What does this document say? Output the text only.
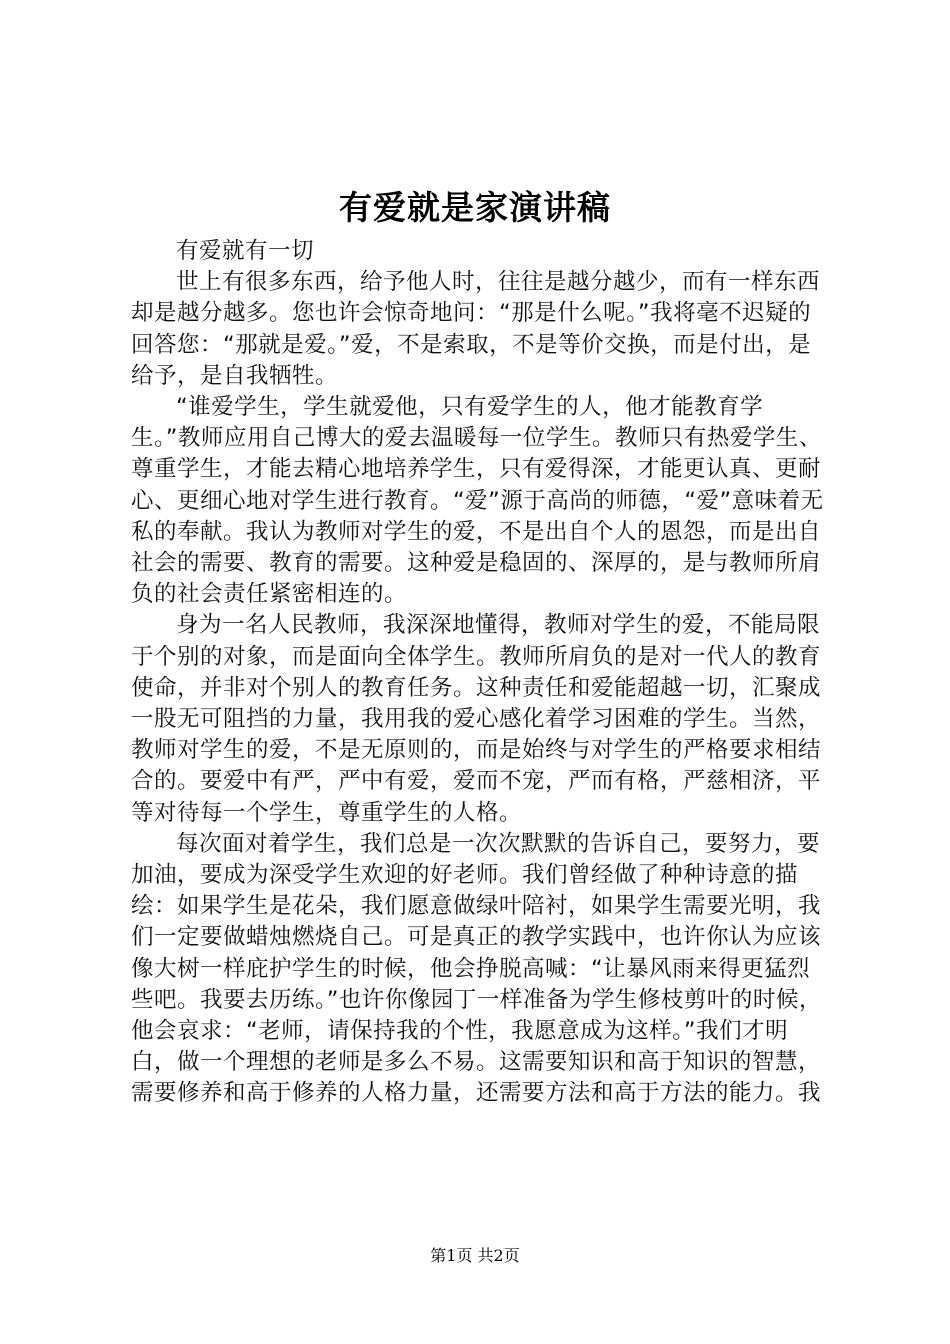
有爱就是家演讲稿

有爱就有一切

世上有很多东西，给予他人时，往往是越分越少，而有一样东西却是越分越多。您也许会惊奇地问：“那是什么呢。”我将毫不迟疑的回答您：“那就是爱。”爱，不是索取，不是等价交换，而是付出，是给予，是自我牺牲。

“谁爱学生，学生就爱他，只有爱学生的人，他才能教育学生。”教师应用自己博大的爱去温暖每一位学生。教师只有热爱学生、尊重学生，才能去精心地培养学生，只有爱得深，才能更认真、更耐心、更细心地对学生进行教育。“爱”源于高尚的师德，“爱”意味着无私的奉献。我认为教师对学生的爱，不是出自个人的恩怨，而是出自社会的需要、教育的需要。这种爱是稳固的、深厚的，是与教师所肩负的社会责任紧密相连的。

身为一名人民教师，我深深地懂得，教师对学生的爱，不能局限于个别的对象，而是面向全体学生。教师所肩负的是对一代人的教育使命，并非对个别人的教育任务。这种责任和爱能超越一切，汇聚成一股无可阻挡的力量，我用我的爱心感化着学习困难的学生。当然，教师对学生的爱，不是无原则的，而是始终与对学生的严格要求相结合的。要爱中有严，严中有爱，爱而不宠，严而有格，严慈相济，平等对待每一个学生，尊重学生的人格。

每次面对着学生，我们总是一次次默默的告诉自己，要努力，要加油，要成为深受学生欢迎的好老师。我们曾经做了种种诗意的描绘：如果学生是花朵，我们愿意做绿叶陪衬，如果学生需要光明，我们一定要做蜡烛燃烧自己。可是真正的教学实践中，也许你认为应该像大树一样庇护学生的时候，他会挣脱高喊：“让暴风雨来得更猛烈些吧。我要去历练。”也许你像园丁一样准备为学生修枝剪叶的时候，他会哀求：“老师，请保持我的个性，我愿意成为这样。”我们才明白，做一个理想的老师是多么不易。这需要知识和高于知识的智慧，需要修养和高于修养的人格力量，还需要方法和高于方法的能力。我

第1页 共2页
